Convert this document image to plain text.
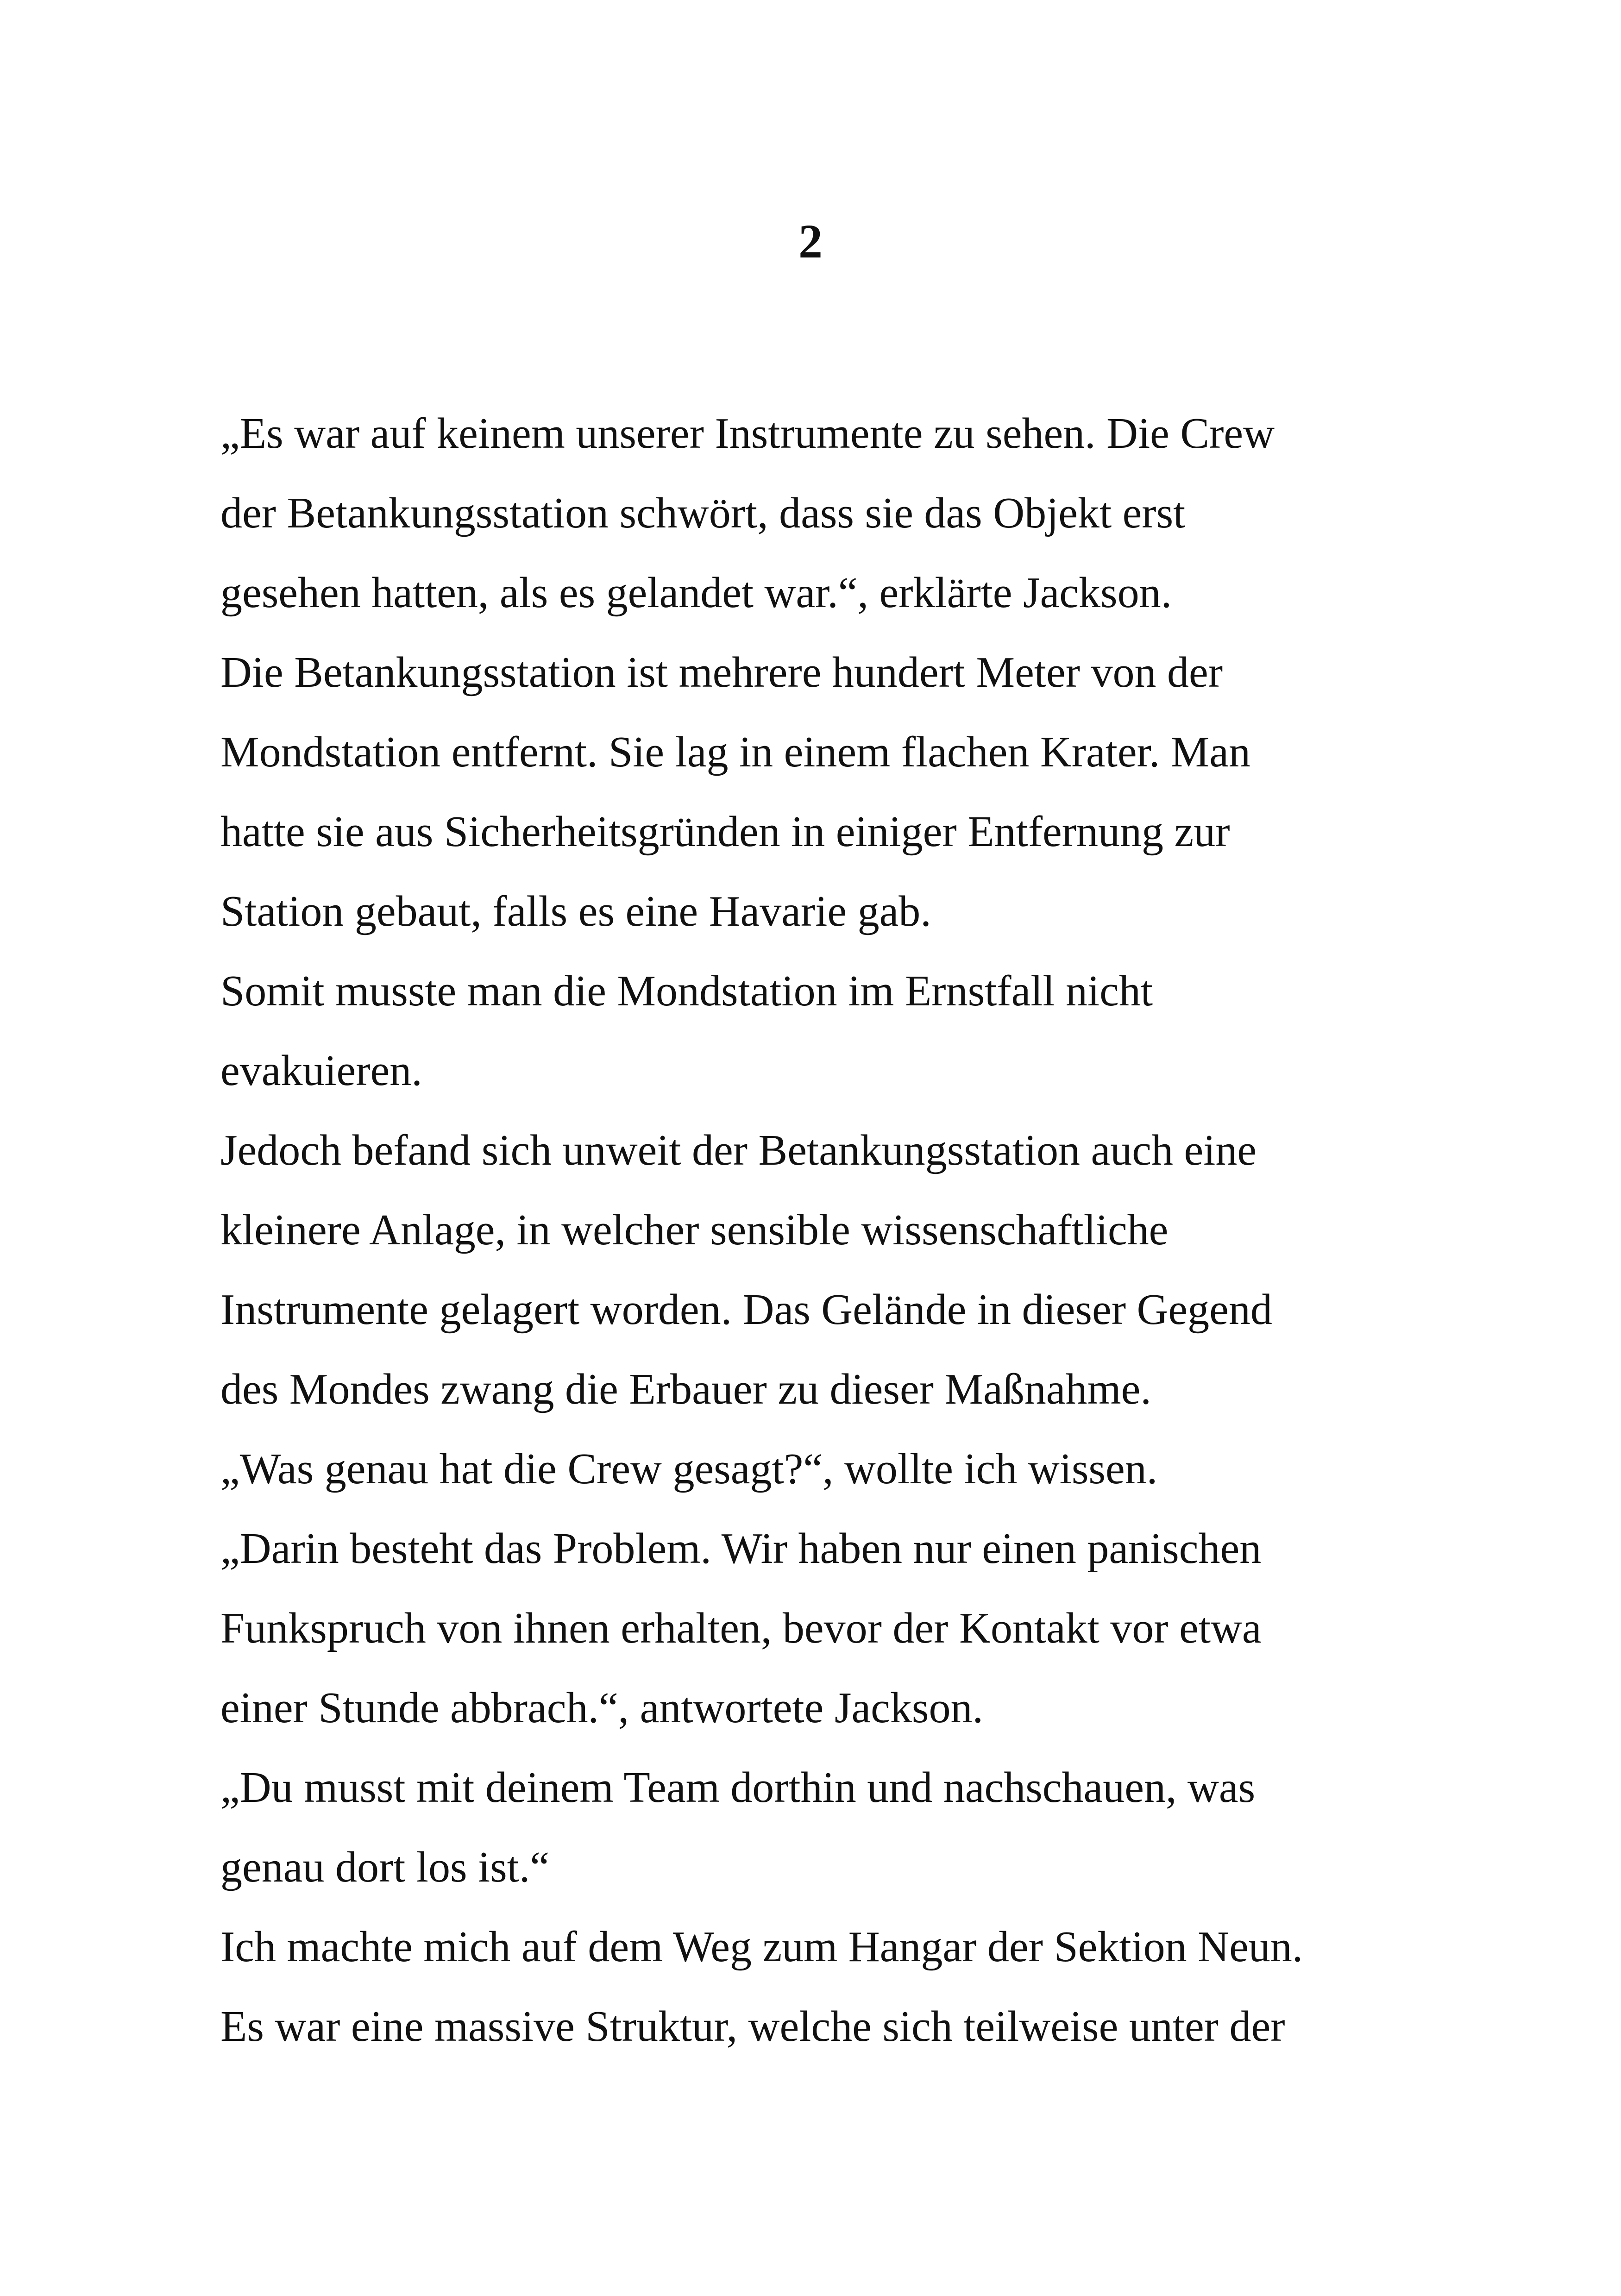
2
„Es war auf keinem unserer Instrumente zu sehen. Die Crew
der Betankungsstation schwört, dass sie das Objekt erst
gesehen hatten, als es gelandet war.“, erklärte Jackson.
Die Betankungsstation ist mehrere hundert Meter von der
Mondstation entfernt. Sie lag in einem flachen Krater. Man
hatte sie aus Sicherheitsgründen in einiger Entfernung zur
Station gebaut, falls es eine Havarie gab.
Somit musste man die Mondstation im Ernstfall nicht
evakuieren.
Jedoch befand sich unweit der Betankungsstation auch eine
kleinere Anlage, in welcher sensible wissenschaftliche
Instrumente gelagert worden. Das Gelände in dieser Gegend
des Mondes zwang die Erbauer zu dieser Maßnahme.
„Was genau hat die Crew gesagt?“, wollte ich wissen.
„Darin besteht das Problem. Wir haben nur einen panischen
Funkspruch von ihnen erhalten, bevor der Kontakt vor etwa
einer Stunde abbrach.“, antwortete Jackson.
„Du musst mit deinem Team dorthin und nachschauen, was
genau dort los ist.“
Ich machte mich auf dem Weg zum Hangar der Sektion Neun.
Es war eine massive Struktur, welche sich teilweise unter der
